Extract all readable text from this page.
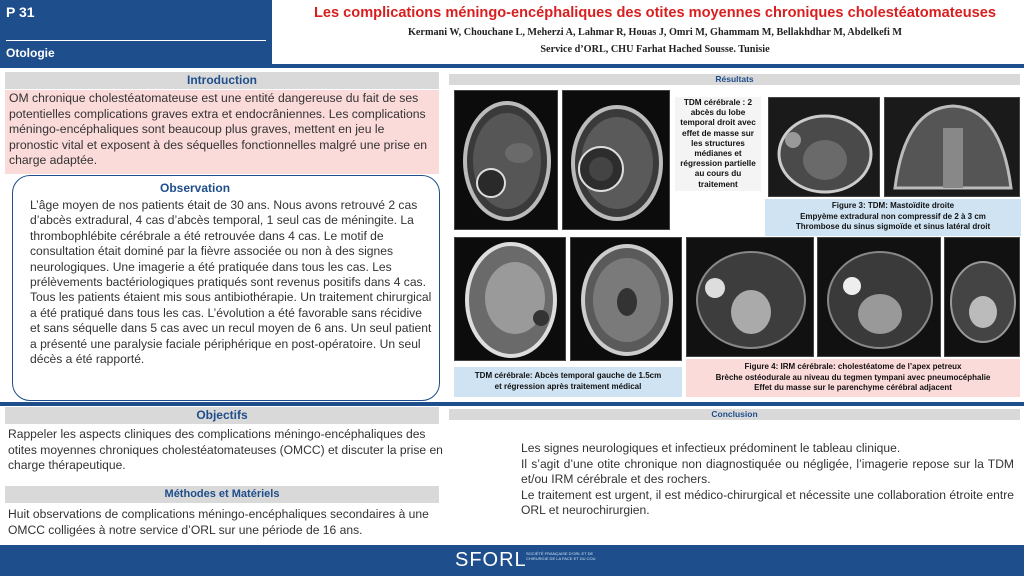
P 31
Otologie
Les complications méningo-encéphaliques des otites moyennes chroniques cholestéatomateuses
Kermani W, Chouchane L, Meherzi A, Lahmar R, Houas J, Omri M, Ghammam M, Bellakhdhar M, Abdelkefi M
Service d’ORL, CHU Farhat Hached Sousse. Tunisie
Introduction
OM chronique cholestéatomateuse est une entité dangereuse du fait de ses potentielles complications graves extra et endocrâniennes. Les complications méningo-encéphaliques sont beaucoup plus graves, mettent en jeu le pronostic vital et exposent à des séquelles fonctionnelles malgré une prise en charge adaptée.
Observation
L’âge moyen de nos patients était de 30 ans. Nous avons retrouvé 2 cas d’abcès extradural, 4 cas d’abcès temporal, 1 seul cas de méningite. La thrombophlébite cérébrale a été retrouvée dans 4 cas. Le motif de consultation était dominé par la fièvre associée ou non à des signes neurologiques. Une imagerie a été pratiquée dans tous les cas. Les prélèvements bactériologiques pratiqués sont revenus positifs dans 4 cas. Tous les patients étaient mis sous antibiothérapie. Un traitement chirurgical a été pratiqué dans tous les cas. L’évolution a été favorable sans récidive et sans séquelle dans 5 cas avec un recul moyen de 6 ans. Un seul patient a présenté une paralysie faciale périphérique en post-opératoire. Un seul décès a été rapporté.
Résultats
TDM cérébrale : 2 abcès du lobe temporal droit avec effet de masse sur les structures médianes et régression partielle au cours du traitement
Figure 3: TDM: Mastoïdite droite
Empyème extradural non compressif de 2 à 3 cm
Thrombose du sinus sigmoïde et sinus latéral droit
TDM cérébrale: Abcès temporal gauche de 1.5cm
et régression après traitement médical
Figure 4: IRM cérébrale: cholestéatome de l’apex petreux
Brèche ostéodurale au niveau du tegmen tympani avec pneumocéphalie
Effet du masse sur le parenchyme cérébral adjacent
Objectifs
Rappeler les aspects cliniques des complications méningo-encéphaliques des otites moyennes chroniques cholestéatomateuses (OMCC) et discuter la prise en charge thérapeutique.
Méthodes et Matériels
Huit observations de complications méningo-encéphaliques secondaires à une OMCC colligées à notre service d’ORL sur une période de 16 ans.
Conclusion

Les signes neurologiques et infectieux prédominent le tableau clinique.

Il s’agit d’une otite chronique non diagnostiquée ou négligée, l’imagerie repose sur la TDM et/ou IRM cérébrale et des rochers.

Le traitement est urgent, il est médico-chirurgical et nécessite une collaboration étroite entre ORL et neurochirurgien.

SFORL SOCIÉTÉ FRANÇAISE D'ORL ET DE CHIRURGIE DE LA FACE ET DU COU
